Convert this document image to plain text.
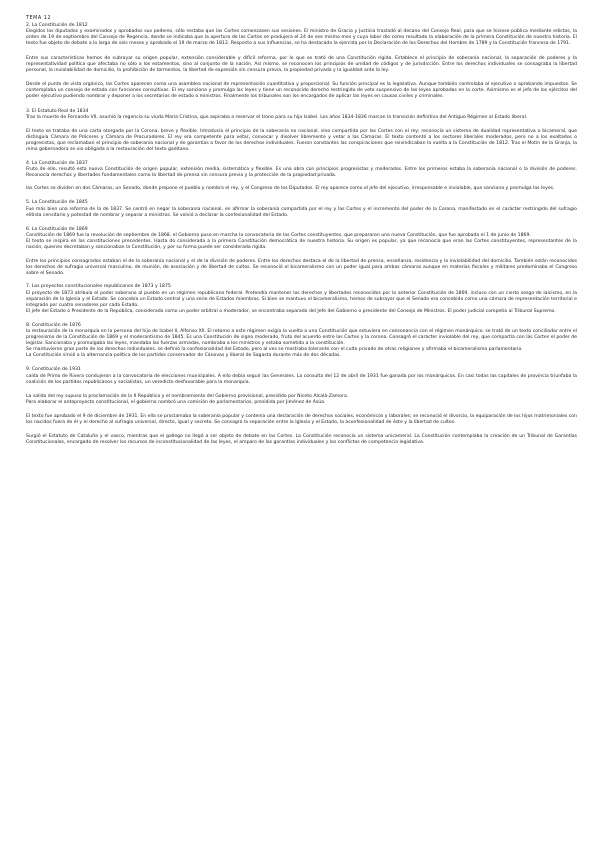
TEMA 12
2. La Constitución de 1812

Elegidos los diputados y examinados y aprobados sus poderes, sólo restaba que las Cortes comenzasen sus sesiones. El ministro de Gracia y Justicia trasladó al decano del Consejo Real, para que se hiciese pública mediante edictos, la orden de 19 de septiembre del Consejo de Regencia, donde se indicaba que la apertura de las Cortes se produjera el 24 de ese mismo mes y cuya labor dio como resultado la elaboración de la primera Constitución de nuestra historia. El texto fue objeto de debate a lo largo de seis meses y aprobado el 19 de marzo de 1812. Respecto a sus influencias, se ha destacado la ejercida por la Declaración de los Derechos del Hombre de 1789 y la Constitución francesa de 1791.

Entre sus características hemos de subrayar su origen popular, extensión considerable y difícil reforma, por lo que se trató de una Constitución rígida. Establece el principio de soberanía nacional, la separación de poderes y la representatividad política que afectaba no sólo a los estamentos, sino al conjunto de la nación. Así mismo, se reconocen los principios de unidad de códigos y de jurisdicción. Entre los derechos individuales se consagraba la libertad personal, la inviolabilidad de domicilio, la prohibición de tormentos, la libertad de expresión sin censura previa, la propiedad privada y la igualdad ante la ley.

Desde el punto de vista orgánico, las Cortes aparecen como una asamblea nacional de representación cuantitativa y proporcional. Su función principal es la legislativa. Aunque también controlaba al ejecutivo o aprobando impuestos. Se contemplaba un consejo de estado con funciones consultivas. El rey sanciona y promulga las leyes y tiene un reconocido derecho restringido de veto suspensivo de las leyes aprobadas en la corte. Asimismo es el jefe de los ejércitos del poder ejecutivo pudiendo nombrar y deponer a los secretarios de estado o ministros. Finalmente los tribunales son los encargados de aplicar las leyes en causas civiles y criminales.

3. El Estatuto Real de 1834

Tras la muerte de Fernando VII, asumió la regencia su viuda María Cristina, que aspiraba a reservar el trono para su hija Isabel. Los años 1834-1836 marcan la transición definitiva del Antiguo Régimen al Estado liberal.

El texto se trataba de una carta otorgada por la Corona, breve y flexible. Introducía el principio de la soberanía no nacional, sino compartida por las Cortes con el rey; reconocía un sistema de dualidad representativa o bicameral, que distinguía Cámara de Próceres y Cámara de Procuradores. El rey era competente para vetar, convocar y disolver libremente y vetar a las Cámaras. El texto contentó a los sectores liberales moderados, pero no a los exaltados o progresistas, que reclamaban el principio de soberanía nacional y de garantías a favor de los derechos individuales. Fueron constantes las conspiraciones que reivindicaban la vuelta a la Constitución de 1812. Tras el Motín de la Granja, la reina gobernadora se vio obligada a la restauración del texto gaditano.

4. La Constitución de 1837

Fruto de ello, resultó esta nueva Constitución de origen popular, extensión media, sistemática y flexible. Es una obra con principios progresistas y moderados. Entre los primeros estaba la soberanía nacional o la división de poderes. Reconocía derechos y libertades fundamentales como la libertad de prensa sin censura previa y la protección de la propiedad privada.

las Cortes se dividen en dos Cámaras, un Senado, donde propone el pueblo y nombra el rey, y el Congreso de los Diputados. El rey aparece como el jefe del ejecutivo, irresponsable e inviolable, que sanciona y promulga las leyes.

5. La Constitución de 1845

Fue más bien una reforma de la de 1837. Se centró en negar la soberanía nacional, en afirmar la soberanía compartida por el rey y las Cortes y el incremento del poder de la Corona, manifestado en el carácter restringido del sufragio elitista censitario y potestad de nombrar y separar a ministros. Se volvió a declarar la confesionalidad del Estado.

6. La Constitución de 1869

Constitución de 1869 fue la revolución de septiembre de 1868. el Gobierno puso en marcha la convocatoria de las Cortes constituyentes, que prepararon una nueva Constitución, que fue aprobada el 1 de junio de 1869.

El texto se inspira en las constituciones precedentes. Hasta do considerada a la primera Constitución democrática de nuestra historia. Su origen es popular, ya que reconocía que eran las Cortes constituyentes, representantes de la nación, quienes decretaban y sancionaban la Constitución, y por su forma puede ser considerada rígida.

Entre los principios consagrados estaban el de la soberanía nacional y el de la división de poderes. Entre los derechos destaca el de la libertad de prensa, enseñanza, residencia y la inviolabilidad del domicilio. También están reconocidos los derechos de sufragio universal masculino, de reunión, de asociación y de libertad de cultos. Se reconoció el bicameralismo con un poder igual para ambas cámaras aunque en materias fiscales y militares predominaba el Congreso sobre el Senado.

7. Los proyectos constitucionales republicanos de 1873 y 1875

El proyecto de 1873 atribuía el poder soberano al pueblo en un régimen republicano federal. Pretendía mantener los derechos y libertades reconocidos por la anterior Constitución de 1869, incluso con un cierto sesgo de laicismo, en la separación de la Iglesia y el Estado. Se concebía un Estado central y una serie de Estados miembros. Si bien se mantuvo el bicameralismo, hemos de subrayar que el Senado era concebido como una cámara de representación territorial e integrado por cuatro senadores por cada Estado.

El jefe del Estado o Presidente de la República, considerado como un poder arbitral o moderador, se encontraba separado del Jefe del Gobierno o presidente del Consejo de Ministros. El poder judicial competía al Tribunal Supremo.

8. Constitución de 1876

la restauración de la monarquía en la persona del hijo de Isabel II, Alfonso XII. El retorno a este régimen exigía la vuelta a una Constitución que estuviera en consonancia con el régimen monárquico. se trató de un texto conciliador entre el progresismo de la Constitución de 1869 y el moderantismo de 1845. Es una Constitución de signo moderado, fruto del acuerdo entre las Cortes y la corona. Consagró el carácter inviolable del rey, que compartía con las Cortes el poder de legislar. Sancionaba y promulgaba las leyes, mandaba las fuerzas armadas, nombraba a los ministros y estaba sometido a la constitución.

Se mantuvieron gran parte de los derechos individuales, se definió la confesionalidad del Estado, pero al ves se mostraba tolerante con el culto privado de otras religiones y afirmaba el bicameralismo parlamentario.

La Constitución sirvió a la alternancia política de los partidos conservador de Cánovas y liberal de Sagasta durante más de dos décadas.

9. Constitución de 1931

caída de Primo de Rivera condujeron a la convocatoria de elecciones municipales. A ello debía seguir las Generales. La consulta del 12 de abril de 1931 fue ganada por los monárquicos. En casi todas las capitales de provincia triunfaba la coalición de los partidos republicanos y socialistas, un veredicto desfavorable para la monarquía.

La salida del rey supuso la proclamación de la II República y el nombramiento del Gobierno provisional, presidido por Niceto Alcalá-Zamora.

Para elaborar el anteproyecto constitucional, el gobierno nombró una comisión de parlamentarios, presidida por Jiménez de Asúa.

El texto fue aprobado el 9 de diciembre de 1931. En ella se proclamaba la soberanía popular y contenía una declaración de derechos sociales, económicos y laborales; se reconoció el divorcio, la equiparación de los hijos matrimoniales con los nacidos fuera de él y el derecho al sufragio universal, directo, igual y secreto. Se consagró la separación entre la Iglesia y el Estado, la aconfesionalidad de éste y la libertad de cultos.

Surgió el Estatuto de Cataluña y el vasco, mientras que el gallego no llegó a ser objeto de debate en las Cortes. La Constitución reconocía un sistema unicameral. La Constitución contemplaba la creación de un Tribunal de Garantías Constitucionales, encargado de resolver los recursos de inconstitucionalidad de las leyes, el amparo de las garantías individuales y los conflictos de competencia legislativa.
